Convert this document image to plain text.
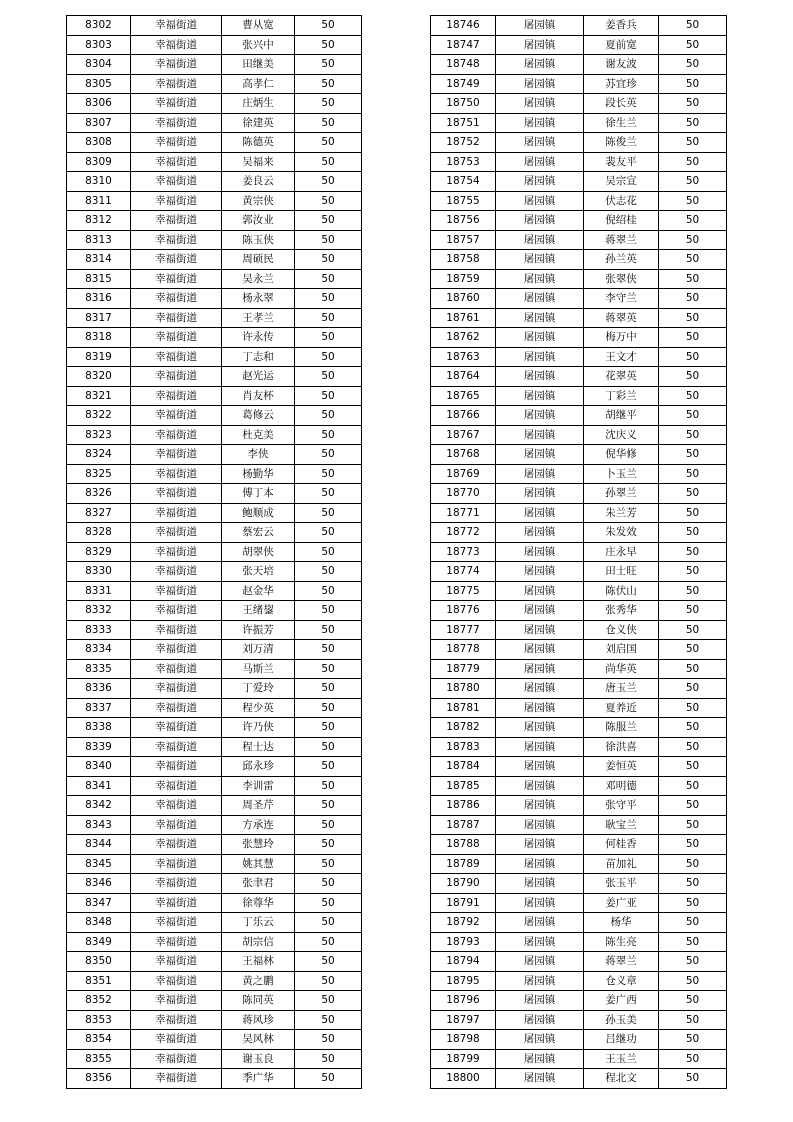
8302	幸福街道	曹从宽	50
8303	幸福街道	张兴中	50
8304	幸福街道	田继美	50
8305	幸福街道	高孝仁	50
8306	幸福街道	庄炳生	50
8307	幸福街道	徐建英	50
8308	幸福街道	陈德英	50
8309	幸福街道	吴福来	50
8310	幸福街道	姜良云	50
8311	幸福街道	黄宗侠	50
8312	幸福街道	郭汝业	50
8313	幸福街道	陈玉侠	50
8314	幸福街道	周硕民	50
8315	幸福街道	吴永兰	50
8316	幸福街道	杨永翠	50
8317	幸福街道	王孝兰	50
8318	幸福街道	许永传	50
8319	幸福街道	丁志和	50
8320	幸福街道	赵光运	50
8321	幸福街道	肖友杯	50
8322	幸福街道	葛修云	50
8323	幸福街道	杜克美	50
8324	幸福街道	李侠	50
8325	幸福街道	杨勤华	50
8326	幸福街道	傅丁本	50
8327	幸福街道	鲍顺成	50
8328	幸福街道	蔡宏云	50
8329	幸福街道	胡翠侠	50
8330	幸福街道	张天培	50
8331	幸福街道	赵金华	50
8332	幸福街道	王绪鋆	50
8333	幸福街道	许振芳	50
8334	幸福街道	刘万清	50
8335	幸福街道	马斯兰	50
8336	幸福街道	丁爱玲	50
8337	幸福街道	程少英	50
8338	幸福街道	许乃侠	50
8339	幸福街道	程士达	50
8340	幸福街道	邱永珍	50
8341	幸福街道	李训雷	50
8342	幸福街道	周圣芹	50
8343	幸福街道	方承连	50
8344	幸福街道	张慧玲	50
8345	幸福街道	姚其慧	50
8346	幸福街道	张聿君	50
8347	幸福街道	徐尊华	50
8348	幸福街道	丁乐云	50
8349	幸福街道	胡宗信	50
8350	幸福街道	王福林	50
8351	幸福街道	黄之鹏	50
8352	幸福街道	陈同英	50
8353	幸福街道	蒋风珍	50
8354	幸福街道	吴风林	50
8355	幸福街道	谢玉良	50
8356	幸福街道	季广华	50
18746	屠园镇	姜香兵	50
18747	屠园镇	夏前宽	50
18748	屠园镇	谢友波	50
18749	屠园镇	苏宜珍	50
18750	屠园镇	段长英	50
18751	屠园镇	徐生兰	50
18752	屠园镇	陈俊兰	50
18753	屠园镇	裴友平	50
18754	屠园镇	吴宗宣	50
18755	屠园镇	伏志花	50
18756	屠园镇	倪绍桂	50
18757	屠园镇	蒋翠兰	50
18758	屠园镇	孙兰英	50
18759	屠园镇	张翠侠	50
18760	屠园镇	李守兰	50
18761	屠园镇	蒋翠英	50
18762	屠园镇	梅万中	50
18763	屠园镇	王文才	50
18764	屠园镇	花翠英	50
18765	屠园镇	丁彩兰	50
18766	屠园镇	胡继平	50
18767	屠园镇	沈庆义	50
18768	屠园镇	倪华修	50
18769	屠园镇	卜玉兰	50
18770	屠园镇	孙翠兰	50
18771	屠园镇	朱兰芳	50
18772	屠园镇	朱发效	50
18773	屠园镇	庄永早	50
18774	屠园镇	田士旺	50
18775	屠园镇	陈伏山	50
18776	屠园镇	张秀华	50
18777	屠园镇	仓义侠	50
18778	屠园镇	刘启国	50
18779	屠园镇	尚华英	50
18780	屠园镇	唐玉兰	50
18781	屠园镇	夏养近	50
18782	屠园镇	陈服兰	50
18783	屠园镇	徐洪喜	50
18784	屠园镇	姜恒英	50
18785	屠园镇	邓明德	50
18786	屠园镇	张守平	50
18787	屠园镇	耿宝兰	50
18788	屠园镇	何桂香	50
18789	屠园镇	苗加礼	50
18790	屠园镇	张玉平	50
18791	屠园镇	姜广亚	50
18792	屠园镇	杨华	50
18793	屠园镇	陈生亮	50
18794	屠园镇	蒋翠兰	50
18795	屠园镇	仓义章	50
18796	屠园镇	姜广西	50
18797	屠园镇	孙玉美	50
18798	屠园镇	吕继功	50
18799	屠园镇	王玉兰	50
18800	屠园镇	程北文	50
